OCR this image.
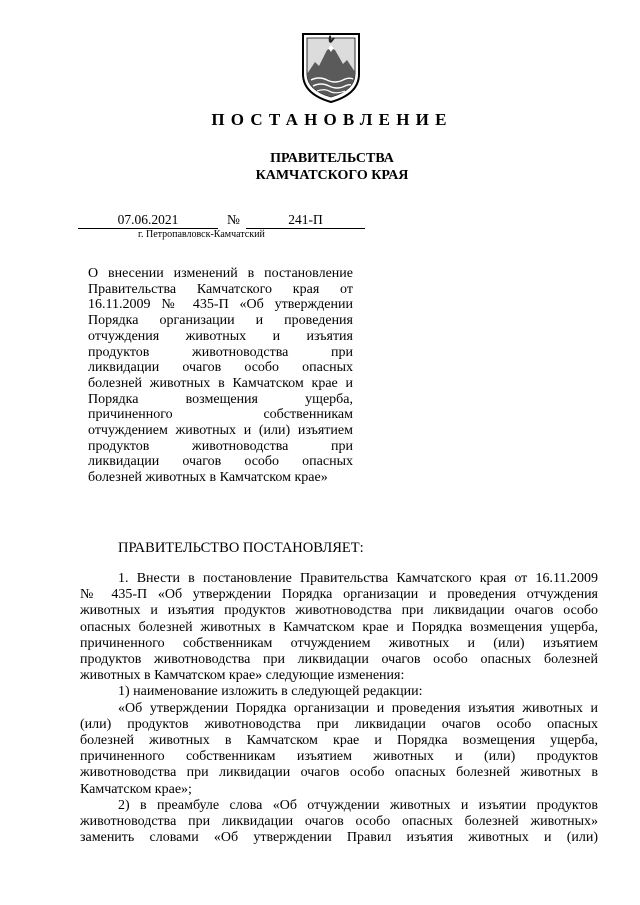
ПОСТАНОВЛЕНИЕ
ПРАВИТЕЛЬСТВА
КАМЧАТСКОГО КРАЯ
07.06.2021	№	241-П
г. Петропавловск-Камчатский
О внесении изменений в постановление
Правительства Камчатского края от
16.11.2009 № 435-П «Об утверждении
Порядка организации и проведения
отчуждения животных и изъятия
продуктов животноводства при
ликвидации очагов особо опасных
болезней животных в Камчатском крае и
Порядка возмещения ущерба,
причиненного собственникам
отчуждением животных и (или) изъятием
продуктов животноводства при
ликвидации очагов особо опасных
болезней животных в Камчатском крае»
ПРАВИТЕЛЬСТВО ПОСТАНОВЛЯЕТ:
1. Внести в постановление Правительства Камчатского края от 16.11.2009
№ 435-П «Об утверждении Порядка организации и проведения отчуждения
животных и изъятия продуктов животноводства при ликвидации очагов особо
опасных болезней животных в Камчатском крае и Порядка возмещения ущерба,
причиненного собственникам отчуждением животных и (или) изъятием
продуктов животноводства при ликвидации очагов особо опасных болезней
животных в Камчатском крае» следующие изменения:
1) наименование изложить в следующей редакции:
«Об утверждении Порядка организации и проведения изъятия животных и
(или) продуктов животноводства при ликвидации очагов особо опасных
болезней животных в Камчатском крае и Порядка возмещения ущерба,
причиненного собственникам изъятием животных и (или) продуктов
животноводства при ликвидации очагов особо опасных болезней животных в
Камчатском крае»;
2) в преамбуле слова «Об отчуждении животных и изъятии продуктов
животноводства при ликвидации очагов особо опасных болезней животных»
заменить словами «Об утверждении Правил изъятия животных и (или)
